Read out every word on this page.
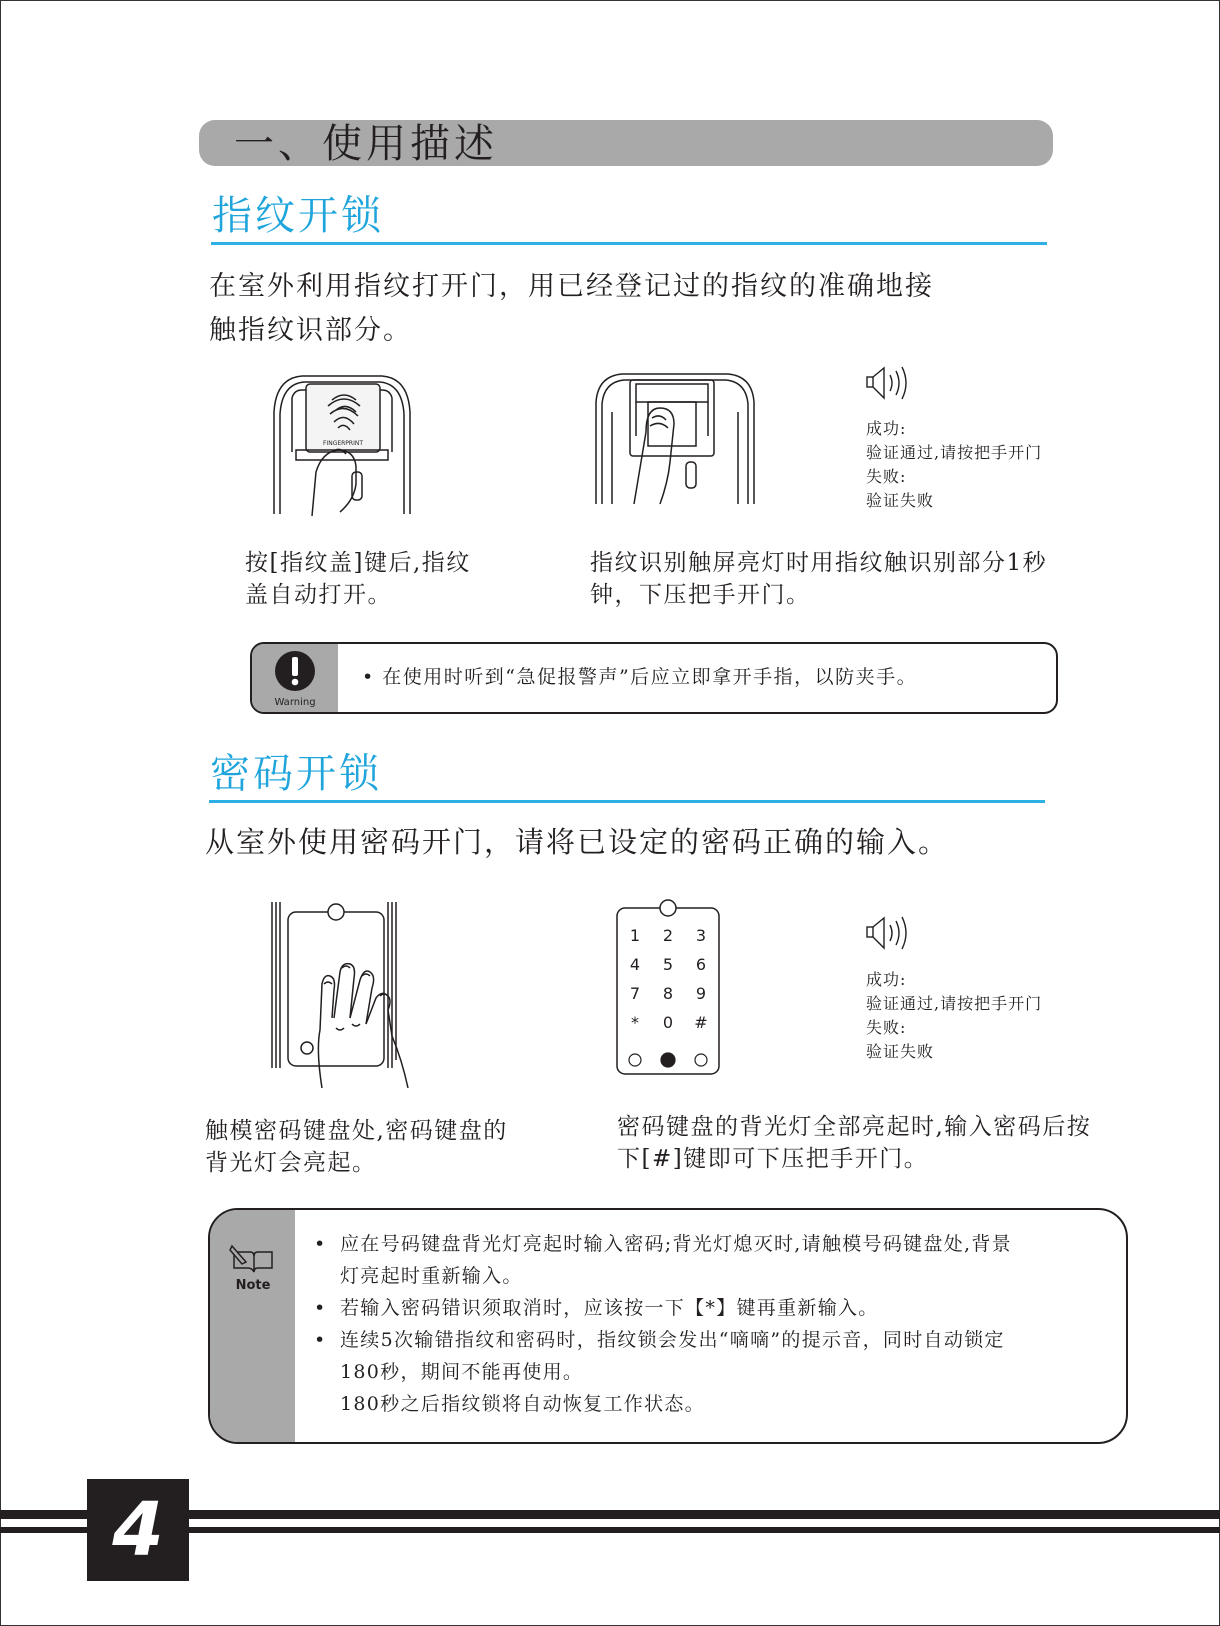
一、使用描述
指纹开锁
在室外利用指纹打开门，用已经登记过的指纹的准确地接
触指纹识部分。
FINGERPRINT
成功:
验证通过,请按把手开门
失败:
验证失败
按[指纹盖]键后,指纹
盖自动打开。
指纹识别触屏亮灯时用指纹触识别部分1秒
钟，下压把手开门。
Warning
• 在使用时听到“急促报警声”后应立即拿开手指，以防夹手。
密码开锁
从室外使用密码开门，请将已设定的密码正确的输入。
1 2 3
4 5 6
7 8 9
* 0 #
成功:
验证通过,请按把手开门
失败:
验证失败
触模密码键盘处,密码键盘的
背光灯会亮起。
密码键盘的背光灯全部亮起时,输入密码后按
下[#]键即可下压把手开门。
Note
• 应在号码键盘背光灯亮起时输入密码;背光灯熄灭时,请触模号码键盘处,背景
灯亮起时重新输入。
• 若输入密码错识须取消时，应该按一下【*】键再重新输入。
• 连续5次输错指纹和密码时，指纹锁会发出“嘀嘀”的提示音，同时自动锁定
180秒，期间不能再使用。
180秒之后指纹锁将自动恢复工作状态。
4
